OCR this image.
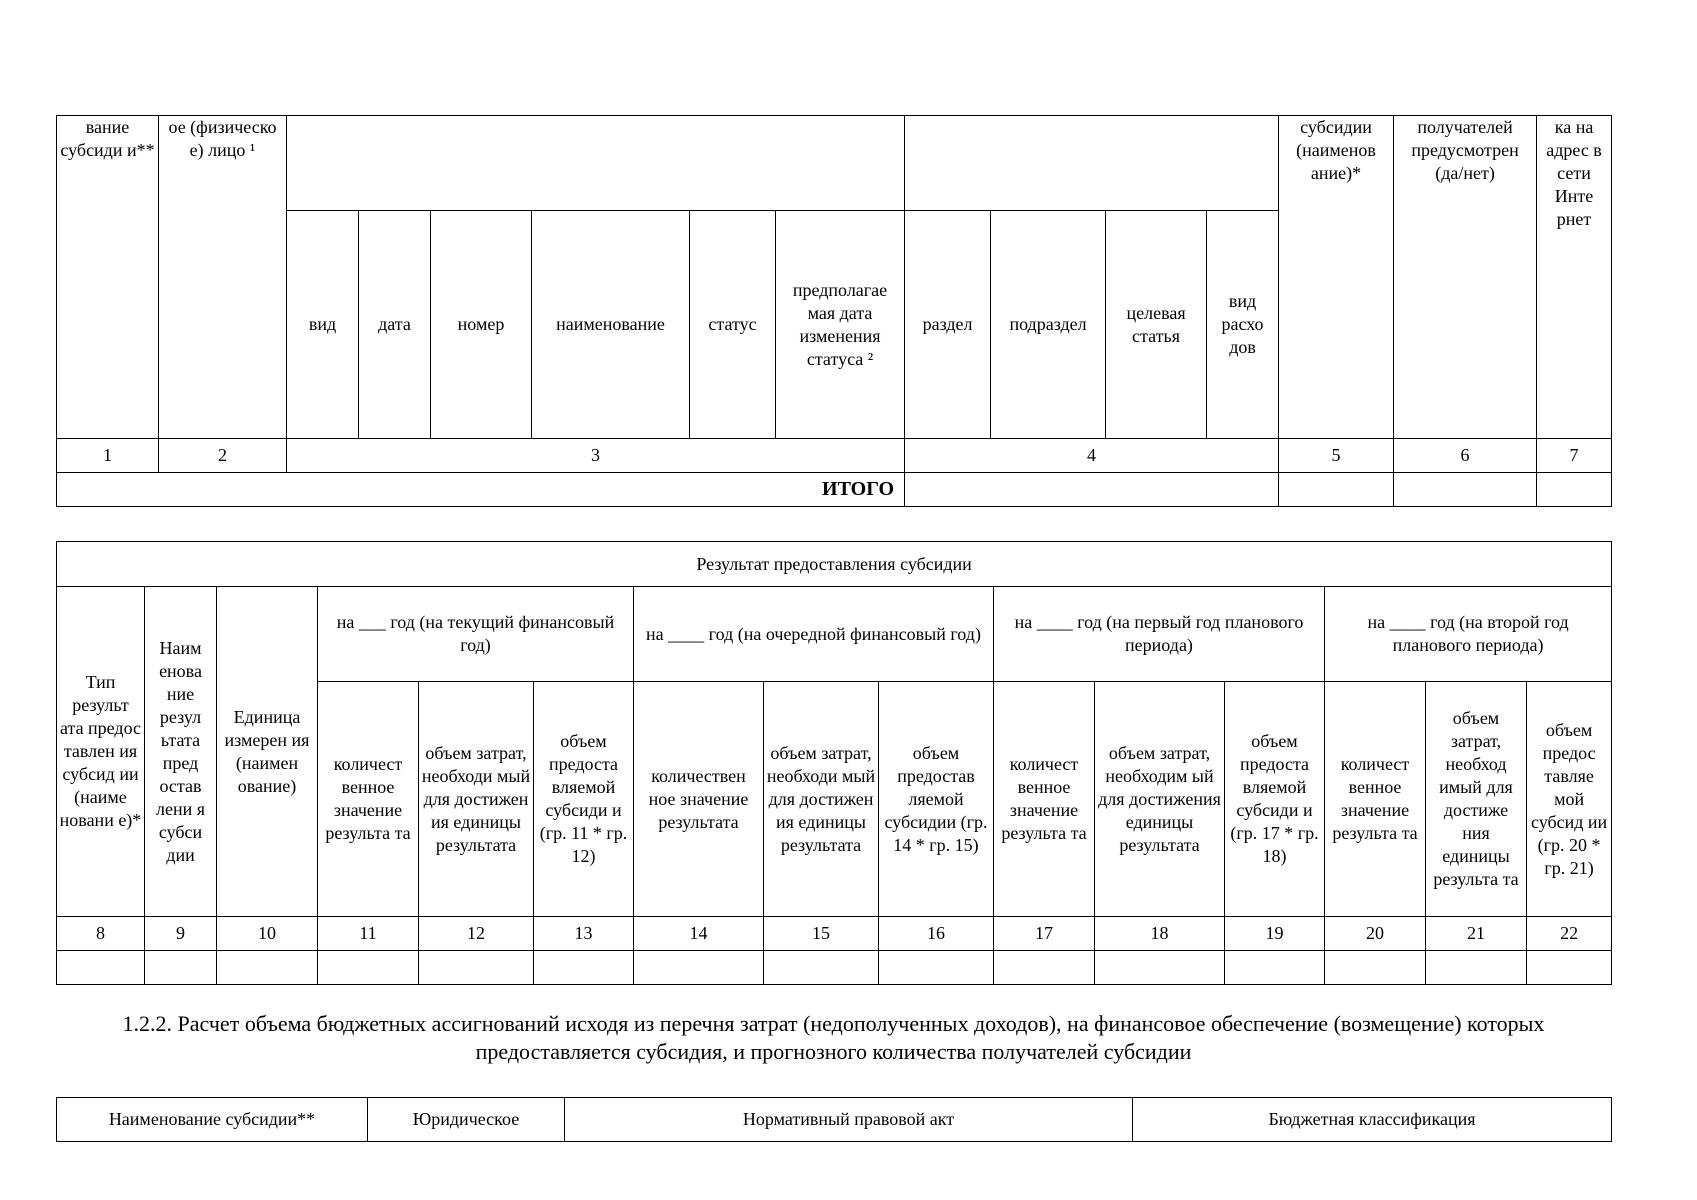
вание субсиди и**	ое (физическо е) лицо ¹											субсидии (наименов ание)*	получателей предусмотрен (да/нет)	ка на адрес в сети Инте рнет
		вид	дата	номер	наименование	статус	предполагае мая дата изменения статуса ²	раздел	подраздел	целевая статья	вид расхо дов			
1	2	3						4				5	6	7
ИТОГО														
Результат предоставления субсидии														
Тип результ ата предос тавлен ия субсид ии (наиме новани е)*	Наим енова ние резул ьтата пред остав лени я субси дии	Единица измерен ия (наимен ование)	на ___ год (на текущий финансовый год)			на ____ год (на очередной финансовый год)			на ____ год (на первый год планового периода)			на ____ год (на второй год планового периода)		
			количест венное значение результа та	объем затрат, необходи мый для достижен ия единицы результата	объем предоста вляемой субсиди и (гр. 11 * гр. 12)	количествен ное значение результата	объем затрат, необходи мый для достижен ия единицы результата	объем предостав ляемой субсидии (гр. 14 * гр. 15)	количест венное значение результа та	объем затрат, необходим ый для достижения единицы результата	объем предоста вляемой субсиди и (гр. 17 * гр. 18)	количест венное значение результа та	объем затрат, необход имый для достиже ния единицы результа та	объем предос тавляе мой субсид ии (гр. 20 * гр. 21)
8	9	10	11	12	13	14	15	16	17	18	19	20	21	22

1.2.2. Расчет объема бюджетных ассигнований исходя из перечня затрат (недополученных доходов), на финансовое обеспечение (возмещение) которых предоставляется субсидия, и прогнозного количества получателей субсидии
Наименование субсидии**	Юридическое	Нормативный правовой акт	Бюджетная классификация
